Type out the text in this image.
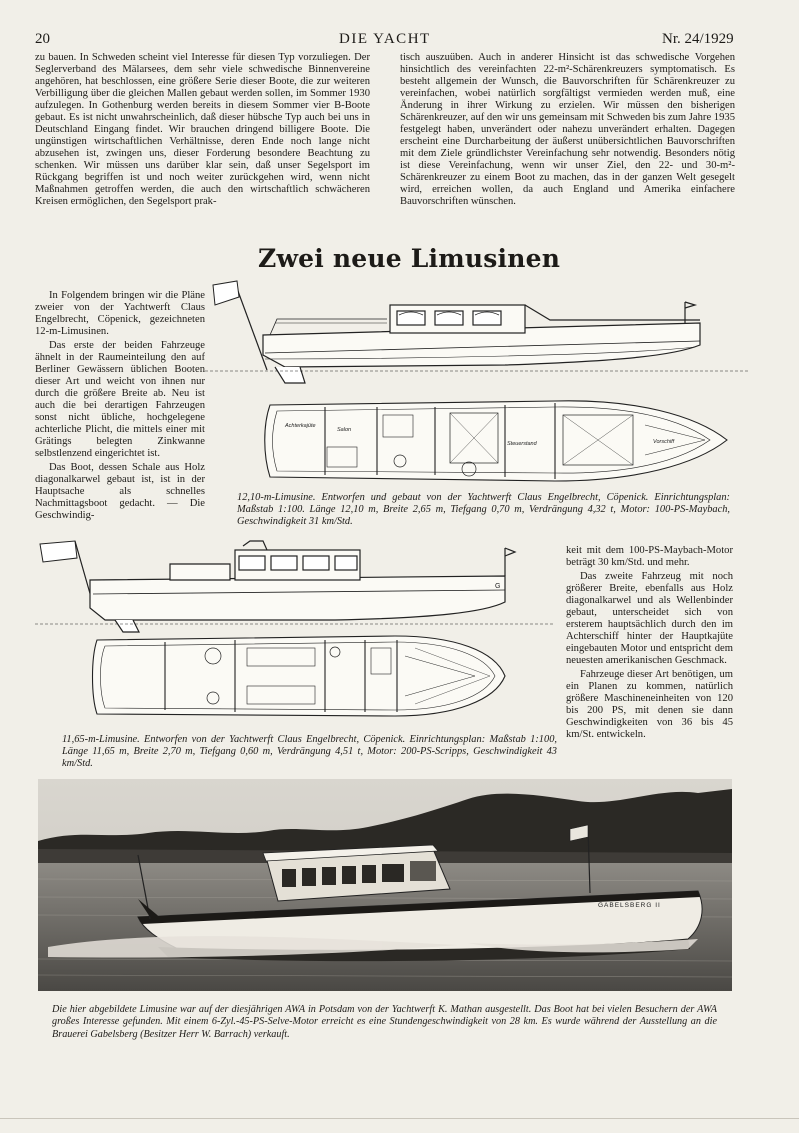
20	DIE YACHT	Nr. 24/1929
zu bauen. In Schweden scheint viel Interesse für diesen Typ vorzuliegen. Der Seglerverband des Mälarsees, dem sehr viele schwedische Binnenvereine angehören, hat beschlossen, eine größere Serie dieser Boote, die zur weiteren Verbilligung über die gleichen Mallen gebaut werden sollen, im Sommer 1930 aufzulegen. In Gothenburg werden bereits in diesem Sommer vier B-Boote gebaut. Es ist nicht unwahrscheinlich, daß dieser hübsche Typ auch bei uns in Deutschland Eingang findet. Wir brauchen dringend billigere Boote. Die ungünstigen wirtschaftlichen Verhältnisse, deren Ende noch lange nicht abzusehen ist, zwingen uns, dieser Forderung besondere Beachtung zu schenken. Wir müssen uns darüber klar sein, daß unser Segelsport im Rückgang begriffen ist und noch weiter zurückgehen wird, wenn nicht Maßnahmen getroffen werden, die auch den wirtschaftlich schwächeren Kreisen ermöglichen, den Segelsport prak-
tisch auszuüben. Auch in anderer Hinsicht ist das schwedische Vorgehen hinsichtlich des vereinfachten 22-m²-Schärenkreuzers symptomatisch. Es besteht allgemein der Wunsch, die Bauvorschriften für Schärenkreuzer zu vereinfachen, wobei natürlich sorgfältigst vermieden werden muß, eine Änderung in ihrer Wirkung zu erzielen. Wir müssen den bisherigen Schärenkreuzer, auf den wir uns gemeinsam mit Schweden bis zum Jahre 1935 festgelegt haben, unverändert oder nahezu unverändert erhalten. Dagegen erscheint eine Durcharbeitung der äußerst unübersichtlichen Bauvorschriften mit dem Ziele gründlichster Vereinfachung sehr notwendig. Besonders nötig ist diese Vereinfachung, wenn wir unser Ziel, den 22- und 30-m²-Schärenkreuzer zu einem Boot zu machen, das in der ganzen Welt gesegelt wird, erreichen wollen, da auch England und Amerika einfachere Bauvorschriften wünschen.
Zwei neue Limusinen

In Folgendem bringen wir die Pläne zweier von der Yachtwerft Claus Engelbrecht, Cöpenick, gezeichneten 12-m-Limusinen.

Das erste der beiden Fahrzeuge ähnelt in der Raumeinteilung den auf Berliner Gewässern üblichen Booten dieser Art und weicht von ihnen nur durch die größere Breite ab. Neu ist auch die bei derartigen Fahrzeugen sonst nicht übliche, hochgelegene achterliche Plicht, die mittels einer mit Grätings belegten Zinkwanne selbstlenzend eingerichtet ist.

Das Boot, dessen Schale aus Holz diagonalkarwel gebaut ist, ist in der Hauptsache als schnelles Nachmittagsboot gedacht. — Die Geschwindig-

Achterkajüte
Salon
Steuerstand	Vorschiff
12,10-m-Limusine. Entworfen und gebaut von der Yachtwerft Claus Engelbrecht, Cöpenick. Einrichtungsplan: Maßstab 1:100. Länge 12,10 m, Breite 2,65 m, Tiefgang 0,70 m, Verdrängung 4,32 t, Motor: 100-PS-Maybach, Geschwindigkeit 31 km/Std.
G

keit mit dem 100-PS-Maybach-Motor beträgt 30 km/Std. und mehr.

Das zweite Fahrzeug mit noch größerer Breite, ebenfalls aus Holz diagonalkarwel und als Wellenbinder gebaut, unterscheidet sich von ersterem hauptsächlich durch den im Achterschiff hinter der Hauptkajüte eingebauten Motor und entspricht dem neuesten amerikanischen Geschmack.

Fahrzeuge dieser Art benötigen, um ein Planen zu kommen, natürlich größere Maschineneinheiten von 120 bis 200 PS, mit denen sie dann Geschwindigkeiten von 36 bis 45 km/St. entwickeln.

11,65-m-Limusine. Entworfen von der Yachtwerft Claus Engelbrecht, Cöpenick. Einrichtungsplan: Maßstab 1:100, Länge 11,65 m, Breite 2,70 m, Tiefgang 0,60 m, Verdrängung 4,51 t, Motor: 200-PS-Scripps, Geschwindigkeit 43 km/Std.
GABELSBERG II
Die hier abgebildete Limusine war auf der diesjährigen AWA in Potsdam von der Yachtwerft K. Mathan ausgestellt. Das Boot hat bei vielen Besuchern der AWA großes Interesse gefunden. Mit einem 6-Zyl.-45-PS-Selve-Motor erreicht es eine Stundengeschwindigkeit von 28 km. Es wurde während der Ausstellung an die Brauerei Gabelsberg (Besitzer Herr W. Barrach) verkauft.
